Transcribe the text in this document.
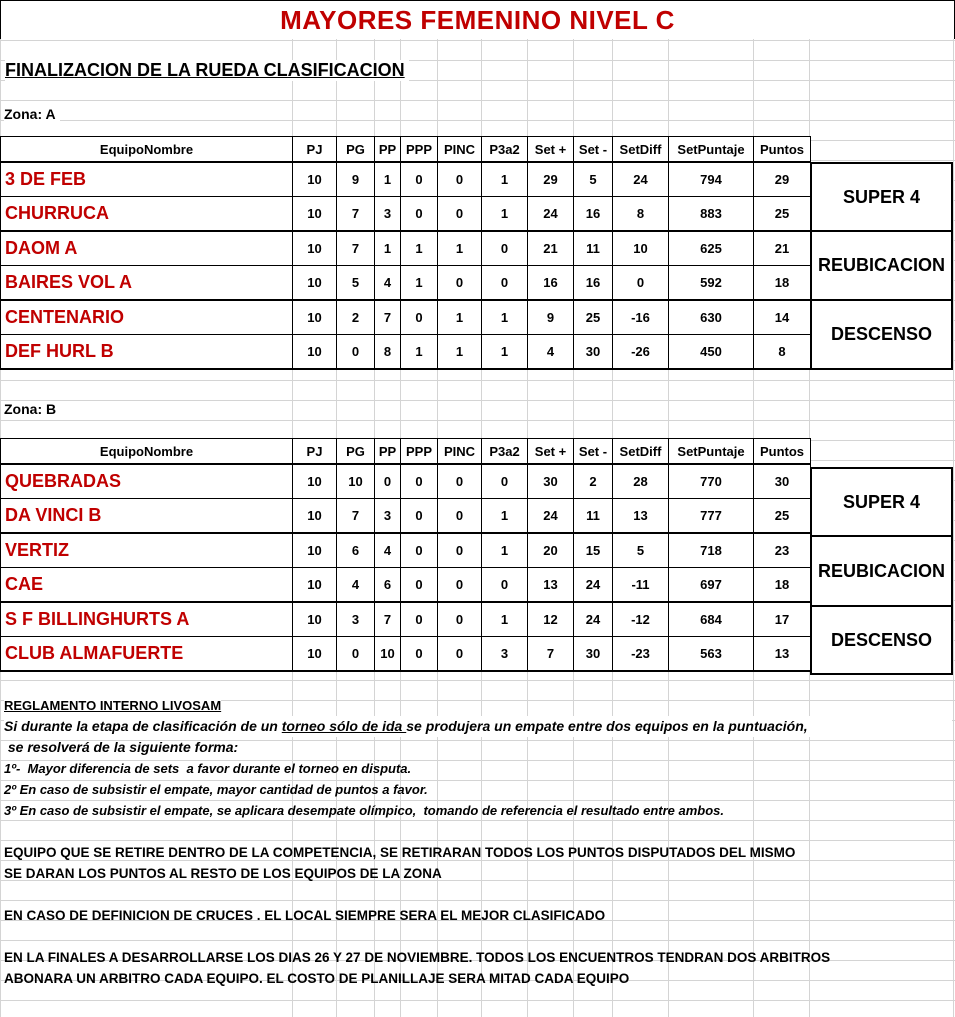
MAYORES FEMENINO NIVEL C
FINALIZACION DE LA RUEDA CLASIFICACION
Zona: A
EquipoNombre	PJ	PG	PP	PPP	PINC	P3a2	Set +	Set -	SetDiff	SetPuntaje	Puntos
3 DE FEB	10	9	1	0	0	1	29	5	24	794	29
CHURRUCA	10	7	3	0	0	1	24	16	8	883	25
DAOM A	10	7	1	1	1	0	21	11	10	625	21
BAIRES VOL A	10	5	4	1	0	0	16	16	0	592	18
CENTENARIO	10	2	7	0	1	1	9	25	-16	630	14
DEF HURL B	10	0	8	1	1	1	4	30	-26	450	8
SUPER 4
REUBICACION
DESCENSO
Zona: B
EquipoNombre	PJ	PG	PP	PPP	PINC	P3a2	Set +	Set -	SetDiff	SetPuntaje	Puntos
QUEBRADAS	10	10	0	0	0	0	30	2	28	770	30
DA VINCI B	10	7	3	0	0	1	24	11	13	777	25
VERTIZ	10	6	4	0	0	1	20	15	5	718	23
CAE	10	4	6	0	0	0	13	24	-11	697	18
S F BILLINGHURTS A	10	3	7	0	0	1	12	24	-12	684	17
CLUB ALMAFUERTE	10	0	10	0	0	3	7	30	-23	563	13
SUPER 4
REUBICACION
DESCENSO
REGLAMENTO INTERNO LIVOSAM
Si durante la etapa de clasificación de un torneo sólo de ida se produjera un empate entre dos equipos en la puntuación,
se resolverá de la siguiente forma:
1º-  Mayor diferencia de sets  a favor durante el torneo en disputa.
2º En caso de subsistir el empate, mayor cantidad de puntos a favor.
3º En caso de subsistir el empate, se aplicara desempate olímpico,  tomando de referencia el resultado entre ambos.
EQUIPO QUE SE RETIRE DENTRO DE LA COMPETENCIA, SE RETIRARAN TODOS LOS PUNTOS DISPUTADOS DEL MISMO
SE DARAN LOS PUNTOS AL RESTO DE LOS EQUIPOS DE LA ZONA
EN CASO DE DEFINICION DE CRUCES . EL LOCAL SIEMPRE SERA EL MEJOR CLASIFICADO
EN LA FINALES A DESARROLLARSE LOS DIAS 26 Y 27 DE NOVIEMBRE. TODOS LOS ENCUENTROS TENDRAN DOS ARBITROS
ABONARA UN ARBITRO CADA EQUIPO. EL COSTO DE PLANILLAJE SERA MITAD CADA EQUIPO
